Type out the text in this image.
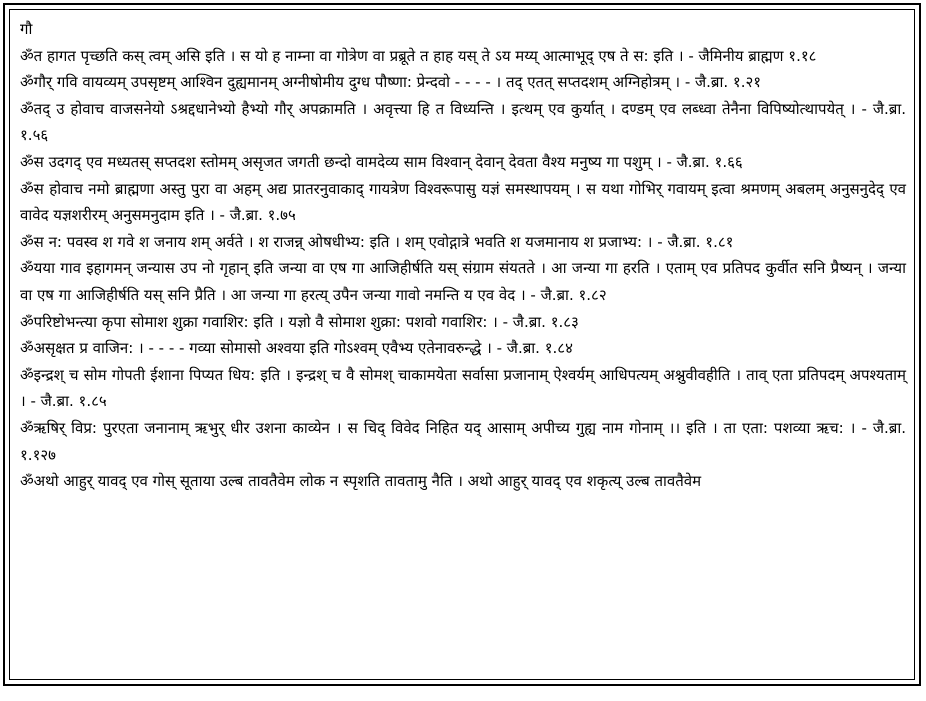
गौ

ॐत हागत पृच्छति कस् त्वम् असि इति । स यो ह नाम्ना वा गोत्रेण वा प्रब्रूते त हाह यस् ते ऽय मय्य् आत्माभूद् एष ते स: इति । - जैमिनीय ब्राह्मण १.१८

ॐगौर् गवि वायव्यम् उपसृष्टम् आश्विन दुह्यमानम् अग्नीषोमीय दुग्ध पौष्णा: प्रेन्दवो - - - - । तद् एतत् सप्तदशम् अग्निहोत्रम् । - जै.ब्रा. १.२१

ॐतद् उ होवाच वाजसनेयो ऽश्रद्दधानेभ्यो हैभ्यो गौर् अपक्रामति । अवृत्त्या हि त विध्यन्ति । इत्थम् एव कुर्यात् । दण्डम् एव लब्ध्वा तेनैना विपिष्योत्थापयेत् । - जै.ब्रा. १.५६

ॐस उदगद् एव मध्यतस् सप्तदश स्तोमम् असृजत जगती छन्दो वामदेव्य साम विश्वान् देवान् देवता वैश्य मनुष्य गा पशुम् । - जै.ब्रा. १.६६

ॐस होवाच नमो ब्राह्मणा अस्तु पुरा वा अहम् अद्य प्रातरनुवाकाद् गायत्रेण विश्वरूपासु यज्ञं समस्थापयम् । स यथा गोभिर् गवायम् इत्वा श्रमणम् अबलम् अनुसनुदेद् एव वावेद यज्ञशरीरम् अनुसमनुदाम इति । - जै.ब्रा. १.७५

ॐस न: पवस्व श गवे श जनाय शम् अर्वते । श राजन्न् ओषधीभ्य: इति । शम् एवोद्गात्रे भवति श यजमानाय श प्रजाभ्य: । - जै.ब्रा. १.८१

ॐयया गाव इहागमन् जन्यास उप नो गृहान् इति जन्या वा एष गा आजिहीर्षति यस् संग्राम संयतते । आ जन्या गा हरति । एताम् एव प्रतिपद कुर्वीत सनि प्रैष्यन् । जन्या वा एष गा आजिहीर्षति यस् सनि प्रैति । आ जन्या गा हरत्य् उपैन जन्या गावो नमन्ति य एव वेद । - जै.ब्रा. १.८२

ॐपरिष्टोभन्त्या कृपा सोमाश शुक्रा गवाशिर: इति । यज्ञो वै सोमाश शुक्रा: पशवो गवाशिर: । - जै.ब्रा. १.८३

ॐअसृक्षत प्र वाजिन: । - - - - गव्या सोमासो अश्वया इति गोऽश्वम् एवैभ्य एतेनावरुन्द्धे । - जै.ब्रा. १.८४

ॐइन्द्रश् च सोम गोपती ईशाना पिप्यत धिय: इति । इन्द्रश् च वै सोमश् चाकामयेता सर्वासा प्रजानाम् ऐश्वर्यम् आधिपत्यम् अश्नुवीवहीति । ताव् एता प्रतिपदम् अपश्यताम् । - जै.ब्रा. १.८५

ॐऋषिर् विप्र: पुरएता जनानाम् ऋभुर् धीर उशना काव्येन । स चिद् विवेद निहित यद् आसाम् अपीच्य गुह्य नाम गोनाम् ।। इति । ता एता: पशव्या ऋच: । - जै.ब्रा. १.१२७

ॐअथो आहुर् यावद् एव गोस् सूताया उल्ब तावतैवेम लोक न स्पृशति तावतामु नैति । अथो आहुर् यावद् एव शकृत्य् उल्ब तावतैवेम
